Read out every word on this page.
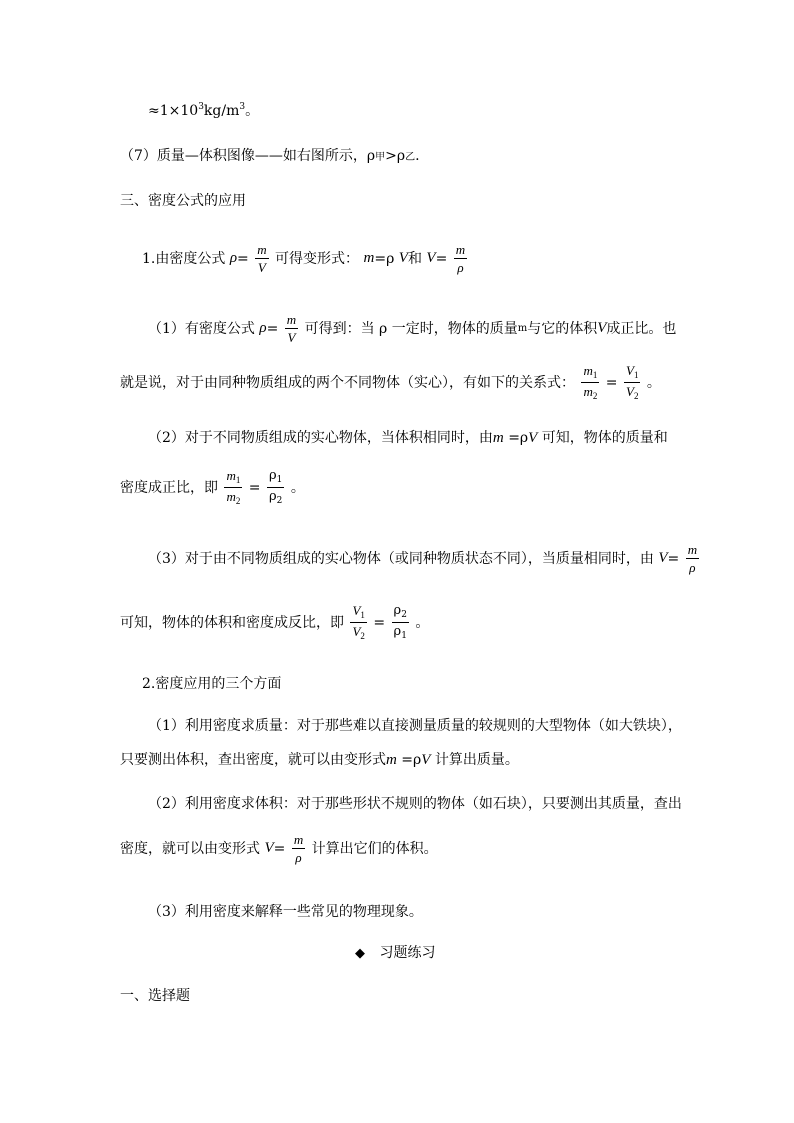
$\approx 1\times 10^3kg/m^3$。
（7）质量—体积图像——如右图所示，ρ甲>ρ乙.
三、密度公式的应用
1.由密度公式 $\rho= \frac{m}{V}$ 可得变形式： m=ρ V和 $V= \frac{m}{\rho}$
（1）有密度公式 $\rho= \frac{m}{V}$ 可得到：当 ρ 一定时，物体的质量m与它的体积V成正比。也
就是说，对于由同种物质组成的两个不同物体（实心），有如下的关系式： $\frac{m_1}{m_2} = \frac{V_1}{V_2}$ 。
（2）对于不同物质组成的实心物体，当体积相同时，由m =ρV 可知，物体的质量和
密度成正比，即 $\frac{m_1}{m_2} = \frac{\rho_1}{\rho_2}$ 。
（3）对于由不同物质组成的实心物体（或同种物质状态不同），当质量相同时，由 $V= \frac{m}{\rho}$
可知，物体的体积和密度成反比，即 $\frac{V_1}{V_2} = \frac{\rho_2}{\rho_1}$ 。
2.密度应用的三个方面
（1）利用密度求质量：对于那些难以直接测量质量的较规则的大型物体（如大铁块），
只要测出体积，查出密度，就可以由变形式m =ρV 计算出质量。
（2）利用密度求体积：对于那些形状不规则的物体（如石块），只要测出其质量，查出
密度，就可以由变形式 $V= \frac{m}{\rho}$ 计算出它们的体积。
（3）利用密度来解释一些常见的物理现象。
◆ 习题练习
一、选择题
